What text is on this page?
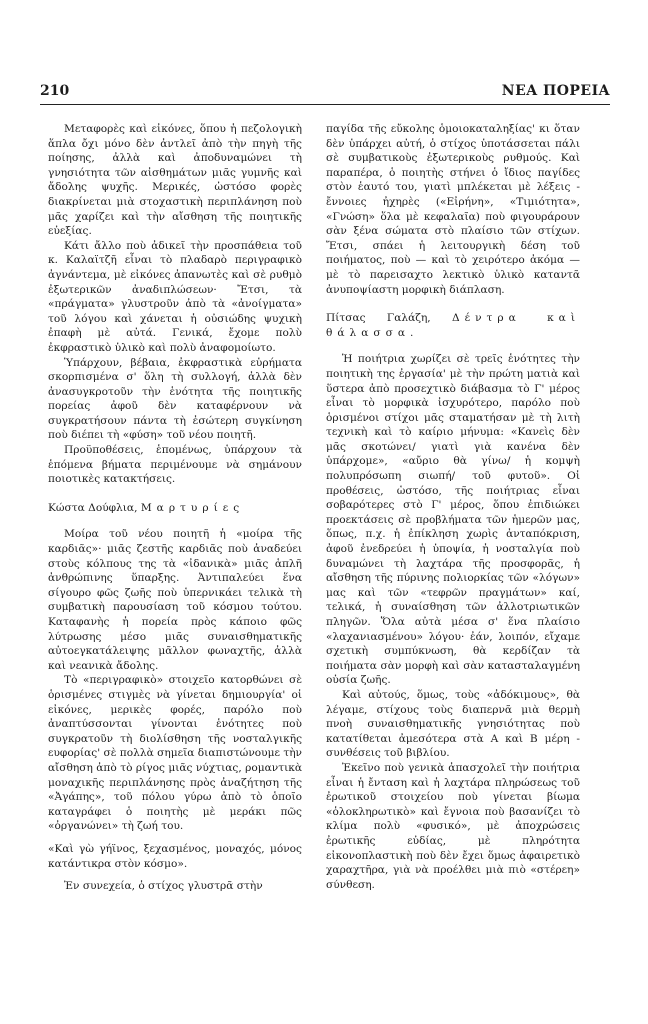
210	ΝΕΑ ΠΟΡΕΙΑ

Μεταφορὲς καὶ εἰκόνες, ὅπου ἡ πεζολογικὴ ἅπλα ὄχι μόνο δὲν ἀντλεῖ ἀπὸ τὴν πηγὴ τῆς ποίησης, ἀλλὰ καὶ ἀποδυναμώνει τὴ γνησιότητα τῶν αἰσθημάτων μιᾶς γυμνῆς καὶ ἄδολης ψυχῆς. Μερικές, ὡστόσο φορὲς διακρίνεται μιὰ στοχαστικὴ περιπλάνηση ποὺ μᾶς χαρίζει καὶ τὴν αἴσθηση τῆς ποιητικῆς εὐεξίας.

Κάτι ἄλλο ποὺ ἀδικεῖ τὴν προσπάθεια τοῦ κ. Καλαϊτζῆ εἶναι τὸ πλαδαρὸ περιγραφικὸ ἀγνάντεμα, μὲ εἰκόνες ἀπανωτὲς καὶ σὲ ρυθμὸ ἐξωτερικῶν ἀναδιπλώσεων· Ἔτσι, τὰ «πράγματα» γλυστροῦν ἀπὸ τὰ «ἀνοίγματα» τοῦ λόγου καὶ χάνεται ἡ οὐσιώδης ψυχικὴ ἐπαφὴ μὲ αὐτά. Γενικά, ἔχομε πολὺ ἐκφραστικὸ ὑλικὸ καὶ πολὺ ἀναφομοίωτο.

Ὑπάρχουν, βέβαια, ἐκφραστικὰ εὑρήματα σκορπισμένα σ' ὅλη τὴ συλλογή, ἀλλὰ δὲν ἀνασυγκροτοῦν τὴν ἑνότητα τῆς ποιητικῆς πορείας ἀφοῦ δὲν καταφέρνουν νὰ συγκρατήσουν πάντα τὴ ἐσώτερη συγκίνηση ποὺ διέπει τὴ «φύση» τοῦ νέου ποιητῆ.

Προϋποθέσεις, ἑπομένως, ὑπάρχουν τὰ ἑπόμενα βήματα περιμένουμε νὰ σημάνουν ποιοτικὲς κατακτήσεις.

Κώστα Δούφλια, Μαρτυρίες

Μοίρα τοῦ νέου ποιητῆ ἡ «μοίρα τῆς καρδιᾶς»· μιᾶς ζεστῆς καρδιᾶς ποὺ ἀναδεύει στοὺς κόλπους της τὰ «ἰδανικὰ» μιᾶς ἁπλῆ ἀνθρώπινης ὕπαρξης. Ἀντιπαλεύει ἕνα σίγουρο φῶς ζωῆς ποὺ ὑπερνικάει τελικὰ τὴ συμβατικὴ παρουσίαση τοῦ κόσμου τούτου. Καταφανὴς ἡ πορεία πρὸς κάποιο φῶς λύτρωσης μέσο μιᾶς συναισθηματικῆς αὐτοεγκατάλειψης μᾶλλον φωναχτῆς, ἀλλὰ καὶ νεανικὰ ἄδολης.

Τὸ «περιγραφικὸ» στοιχεῖο κατορθώνει σὲ ὁρισμένες στιγμὲς νὰ γίνεται δημιουργία' οἱ εἰκόνες, μερικὲς φορές, παρόλο ποὺ ἀναπτύσσονται γίνονται ἑνότητες ποὺ συγκρατοῦν τὴ διολίσθηση τῆς νοσταλγικῆς ευφορίας' σὲ πολλὰ σημεῖα διαπιστώνουμε τὴν αἴσθηση ἀπὸ τὸ ρίγος μιᾶς νύχτιας, ρομαντικὰ μοναχικῆς περιπλάνησης πρὸς ἀναζήτηση τῆς «Ἀγάπης», τοῦ πόλου γύρω ἀπὸ τὸ ὁποῖο καταγράφει ὁ ποιητὴς μὲ μεράκι πῶς «ὀργανώνει» τὴ ζωή του.

«Καὶ γὼ γήϊνος, ξεχασμένος, μοναχός, μόνος κατάντικρα στὸν κόσμο».

Ἐν συνεχεία, ὁ στίχος γλυστρᾶ στὴν

παγίδα τῆς εὔκολης ὁμοιοκαταληξίας' κι ὅταν δὲν ὑπάρχει αὐτή, ὁ στίχος ὑποτάσσεται πάλι σὲ συμβατικοὺς ἐξωτερικοὺς ρυθμούς. Καὶ παραπέρα, ὁ ποιητὴς στήνει ὁ ἴδιος παγίδες στὸν ἑαυτό του, γιατὶ μπλέκεται μὲ λέξεις - ἔννοιες ἠχηρὲς («Εἰρήνη», «Τιμιότητα», «Γνώση» ὅλα μὲ κεφαλαῖα) ποὺ φιγουράρουν σὰν ξένα σώματα στὸ πλαίσιο τῶν στίχων. Ἔτσι, σπάει ἡ λειτουργικὴ δέση τοῦ ποιήματος, ποὺ — καὶ τὸ χειρότερο ἀκόμα — μὲ τὸ παρεισαχτο λεκτικὸ ὑλικὸ καταντᾶ ἀνυποψίαστη μορφικὴ διάπλαση.

Πίτσας Γαλάζη, Δέντρα καὶ θάλασσα.

Ἡ ποιήτρια χωρίζει σὲ τρεῖς ἑνότητες τὴν ποιητικὴ της ἐργασία' μὲ τὴν πρώτη ματιὰ καὶ ὕστερα ἀπὸ προσεχτικὸ διάβασμα τὸ Γ' μέρος εἶναι τὸ μορφικὰ ἰσχυρότερο, παρόλο ποὺ ὁρισμένοι στίχοι μᾶς σταματήσαν μὲ τὴ λιτὴ τεχνικὴ καὶ τὸ καίριο μήνυμα: «Κανεὶς δὲν μᾶς σκοτώνει/ γιατὶ γιὰ κανένα δὲν ὑπάρχομε», «αὔριο θὰ γίνω/ ἡ κομψὴ πολυπρόσωπη σιωπή/ τοῦ φυτοῦ». Οἱ προθέσεις, ὡστόσο, τῆς ποιήτριας εἶναι σοβαρότερες στὸ Γ' μέρος, ὅπου ἐπιδιώκει προεκτάσεις σὲ προβλήματα τῶν ἡμερῶν μας, ὅπως, π.χ. ἡ ἐπίκληση χωρὶς ἀνταπόκριση, ἀφοῦ ἐνεδρεύει ἡ ὑποψία, ἡ νοσταλγία ποὺ δυναμώνει τὴ λαχτάρα τῆς προσφορᾶς, ἡ αἴσθηση τῆς πύρινης πολιορκίας τῶν «λόγων» μας καὶ τῶν «τεφρῶν πραγμάτων» καί, τελικά, ἡ συναίσθηση τῶν ἀλλοτριωτικῶν πληγῶν. Ὅλα αὐτὰ μέσα σ' ἕνα πλαίσιο «λαχανιασμένου» λόγου· ἐάν, λοιπόν, εἴχαμε σχετικὴ συμπύκνωση, θὰ κερδίζαν τὰ ποιήματα σὰν μορφὴ καὶ σὰν κατασταλαγμένη οὐσία ζωῆς.

Καὶ αὐτούς, ὅμως, τοὺς «ἀδόκιμους», θὰ λέγαμε, στίχους τοὺς διαπερνᾶ μιὰ θερμὴ πνοὴ συναισθηματικῆς γνησιότητας ποὺ κατατίθεται ἀμεσότερα στὰ Α καὶ Β μέρη - συνθέσεις τοῦ βιβλίου.

Ἐκεῖνο ποὺ γενικὰ ἀπασχολεῖ τὴν ποιήτρια εἶναι ἡ ἔνταση καὶ ἡ λαχτάρα πληρώσεως τοῦ ἐρωτικοῦ στοιχείου ποὺ γίνεται βίωμα «ὁλοκληρωτικὸ» καὶ ἔγνοια ποὺ βασανίζει τὸ κλίμα πολὺ «φυσικό», μὲ ἀποχρώσεις ἐρωτικῆς εὐδίας, μὲ πληρότητα εἰκονοπλαστικὴ ποὺ δὲν ἔχει ὅμως ἀφαιρετικὸ χαραχτῆρα, γιὰ νὰ προέλθει μιὰ πιὸ «στέρεη» σύνθεση.
